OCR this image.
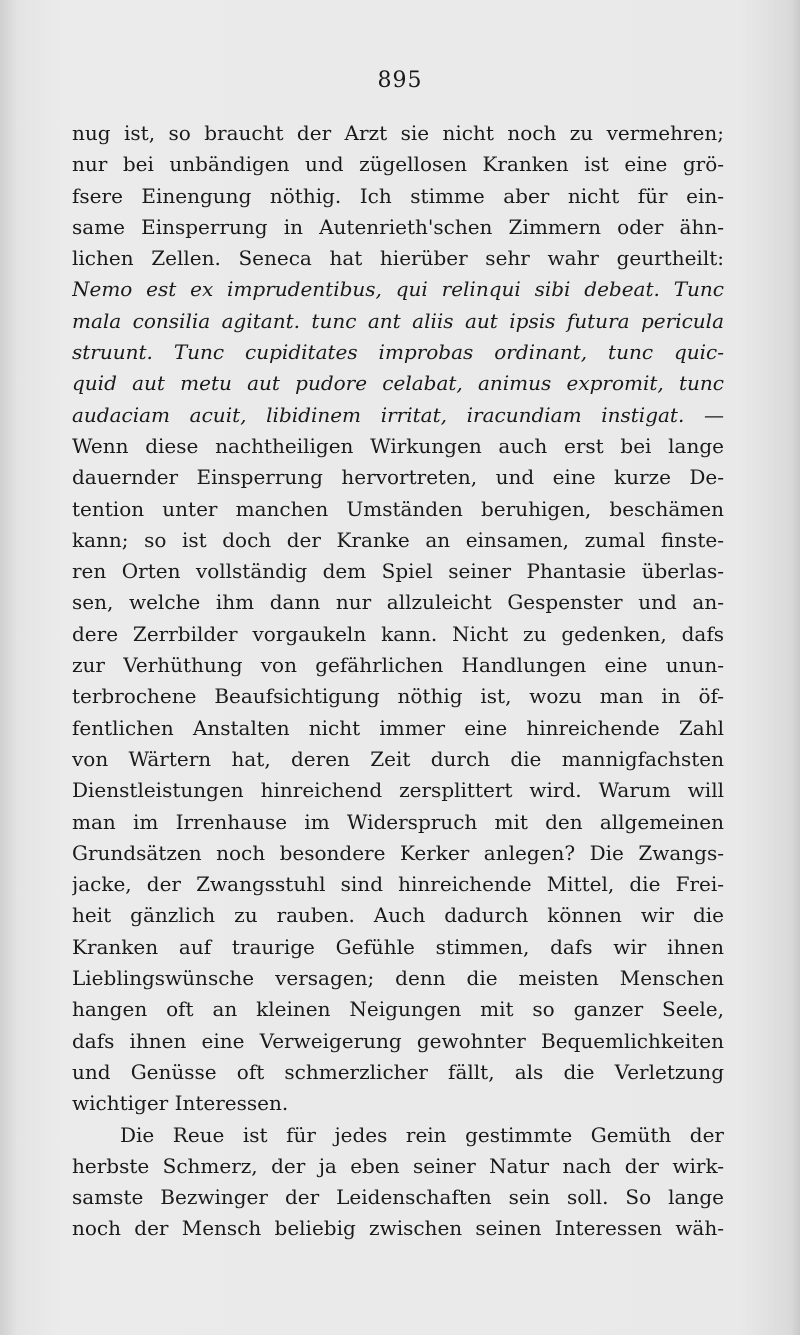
895
nug ist, so braucht der Arzt sie nicht noch zu vermehren;
nur bei unbändigen und zügellosen Kranken ist eine grö-
fsere Einengung nöthig. Ich stimme aber nicht für ein-
same Einsperrung in Autenrieth'schen Zimmern oder ähn-
lichen Zellen. Seneca hat hierüber sehr wahr geurtheilt:
Nemo est ex imprudentibus, qui relinqui sibi debeat. Tunc
mala consilia agitant. tunc ant aliis aut ipsis futura pericula
struunt. Tunc cupiditates improbas ordinant, tunc quic-
quid aut metu aut pudore celabat, animus expromit, tunc
audaciam acuit, libidinem irritat, iracundiam instigat. —
Wenn diese nachtheiligen Wirkungen auch erst bei lange
dauernder Einsperrung hervortreten, und eine kurze De-
tention unter manchen Umständen beruhigen, beschämen
kann; so ist doch der Kranke an einsamen, zumal finste-
ren Orten vollständig dem Spiel seiner Phantasie überlas-
sen, welche ihm dann nur allzuleicht Gespenster und an-
dere Zerrbilder vorgaukeln kann. Nicht zu gedenken, dafs
zur Verhüthung von gefährlichen Handlungen eine unun-
terbrochene Beaufsichtigung nöthig ist, wozu man in öf-
fentlichen Anstalten nicht immer eine hinreichende Zahl
von Wärtern hat, deren Zeit durch die mannigfachsten
Dienstleistungen hinreichend zersplittert wird. Warum will
man im Irrenhause im Widerspruch mit den allgemeinen
Grundsätzen noch besondere Kerker anlegen? Die Zwangs-
jacke, der Zwangsstuhl sind hinreichende Mittel, die Frei-
heit gänzlich zu rauben. Auch dadurch können wir die
Kranken auf traurige Gefühle stimmen, dafs wir ihnen
Lieblingswünsche versagen; denn die meisten Menschen
hangen oft an kleinen Neigungen mit so ganzer Seele,
dafs ihnen eine Verweigerung gewohnter Bequemlichkeiten
und Genüsse oft schmerzlicher fällt, als die Verletzung
wichtiger Interessen.
Die Reue ist für jedes rein gestimmte Gemüth der
herbste Schmerz, der ja eben seiner Natur nach der wirk-
samste Bezwinger der Leidenschaften sein soll. So lange
noch der Mensch beliebig zwischen seinen Interessen wäh-
